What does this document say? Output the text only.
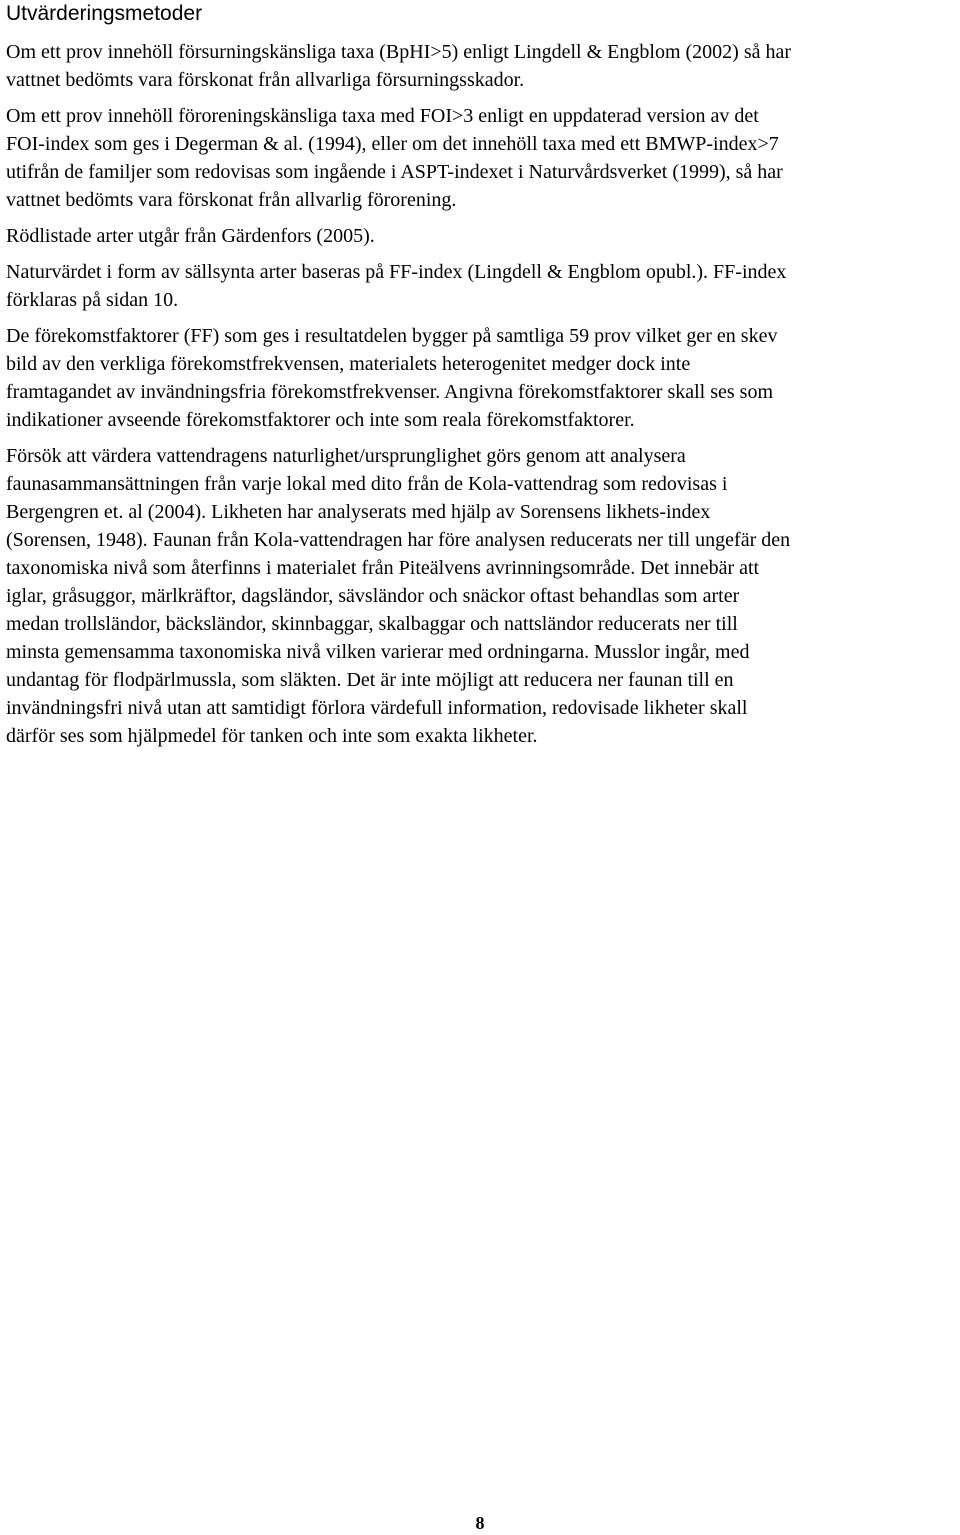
Utvärderingsmetoder

Om ett prov innehöll försurningskänsliga taxa (BpHI>5) enligt Lingdell & Engblom (2002) så har
vattnet bedömts vara förskonat från allvarliga försurningsskador.

Om ett prov innehöll föroreningskänsliga taxa med FOI>3 enligt en uppdaterad version av det
FOI-index som ges i Degerman & al. (1994), eller om det innehöll taxa med ett BMWP-index>7
utifrån de familjer som redovisas som ingående i ASPT-indexet i Naturvårdsverket (1999), så har
vattnet bedömts vara förskonat från allvarlig förorening.

Rödlistade arter utgår från Gärdenfors (2005).

Naturvärdet i form av sällsynta arter baseras på FF-index (Lingdell & Engblom opubl.). FF-index
förklaras på sidan 10.

De förekomstfaktorer (FF) som ges i resultatdelen bygger på samtliga 59 prov vilket ger en skev
bild av den verkliga förekomstfrekvensen, materialets heterogenitet medger dock inte
framtagandet av invändningsfria förekomstfrekvenser. Angivna förekomstfaktorer skall ses som
indikationer avseende förekomstfaktorer och inte som reala förekomstfaktorer.

Försök att värdera vattendragens naturlighet/ursprunglighet görs genom att analysera
faunasammansättningen från varje lokal med dito från de Kola-vattendrag som redovisas i
Bergengren et. al (2004). Likheten har analyserats med hjälp av Sorensens likhets-index
(Sorensen, 1948). Faunan från Kola-vattendragen har före analysen reducerats ner till ungefär den
taxonomiska nivå som återfinns i materialet från Piteälvens avrinningsområde. Det innebär att
iglar, gråsuggor, märlkräftor, dagsländor, sävsländor och snäckor oftast behandlas som arter
medan trollsländor, bäcksländor, skinnbaggar, skalbaggar och nattsländor reducerats ner till
minsta gemensamma taxonomiska nivå vilken varierar med ordningarna. Musslor ingår, med
undantag för flodpärlmussla, som släkten. Det är inte möjligt att reducera ner faunan till en
invändningsfri nivå utan att samtidigt förlora värdefull information, redovisade likheter skall
därför ses som hjälpmedel för tanken och inte som exakta likheter.

8
